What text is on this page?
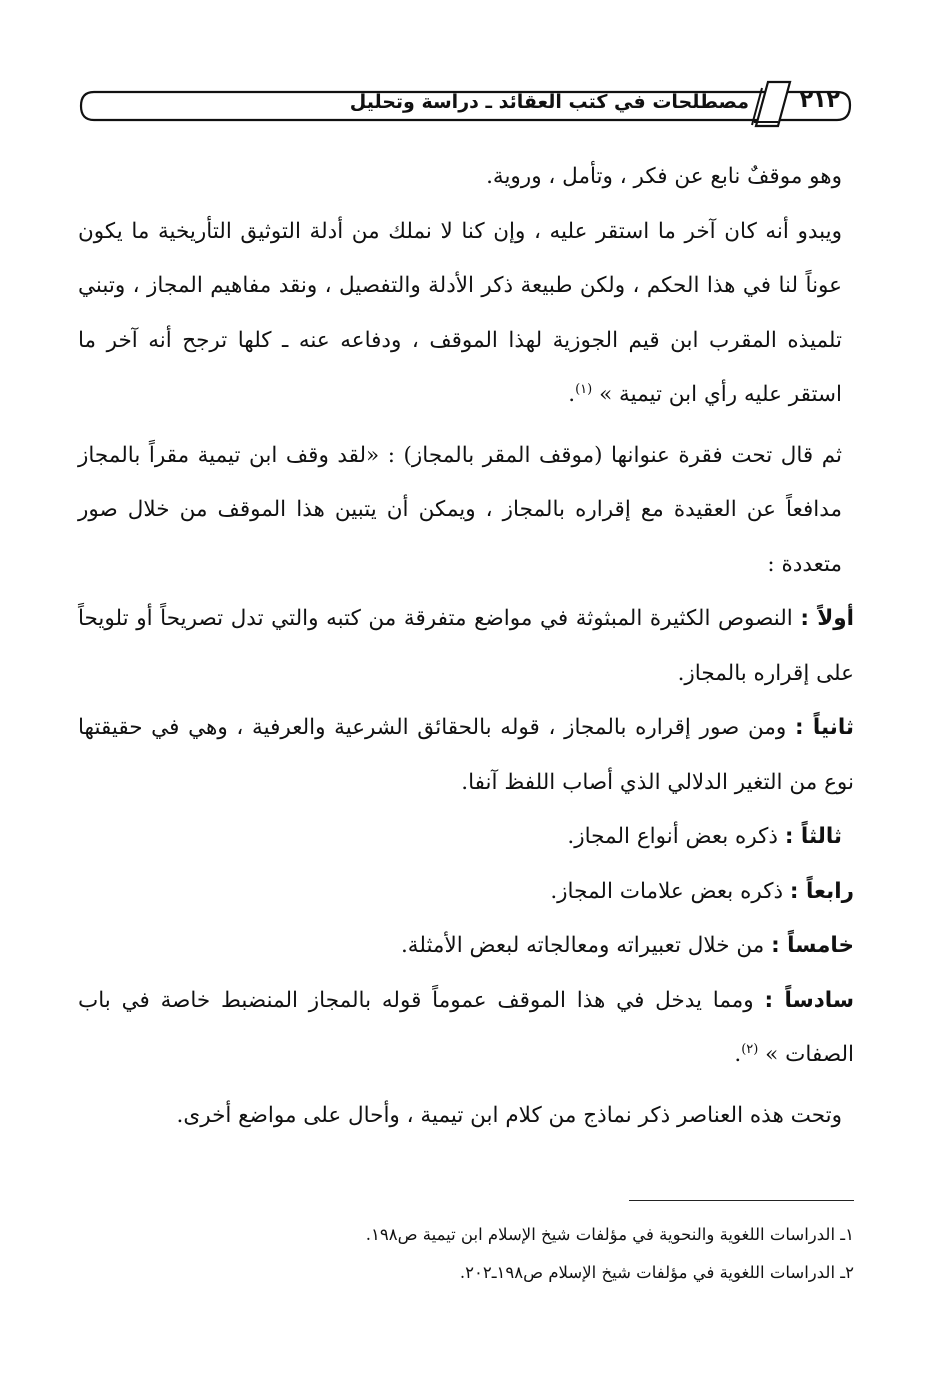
مصطلحات في كتب العقائد ـ دراسة وتحليل ٢١٢

وهو موقفٌ نابع عن فكر ، وتأمل ، وروية.

ويبدو أنه كان آخر ما استقر عليه ، وإن كنا لا نملك من أدلة التوثيق التأريخية ما يكون عوناً لنا في هذا الحكم ، ولكن طبيعة ذكر الأدلة والتفصيل ، ونقد مفاهيم المجاز ، وتبني تلميذه المقرب ابن قيم الجوزية لهذا الموقف ، ودفاعه عنه ـ كلها ترجح أنه آخر ما استقر عليه رأي ابن تيمية » $^{(١)}$.

ثم قال تحت فقرة عنوانها (موقف المقر بالمجاز) : «لقد وقف ابن تيمية مقراً بالمجاز مدافعاً عن العقيدة مع إقراره بالمجاز ، ويمكن أن يتبين هذا الموقف من خلال صور متعددة :

أولاً : النصوص الكثيرة المبثوثة في مواضع متفرقة من كتبه والتي تدل تصريحاً أو تلويحاً على إقراره بالمجاز.

ثانياً : ومن صور إقراره بالمجاز ، قوله بالحقائق الشرعية والعرفية ، وهي في حقيقتها نوع من التغير الدلالي الذي أصاب اللفظ آنفا.

ثالثاً : ذكره بعض أنواع المجاز.

رابعاً : ذكره بعض علامات المجاز.

خامساً : من خلال تعبيراته ومعالجاته لبعض الأمثلة.

سادساً : ومما يدخل في هذا الموقف عموماً قوله بالمجاز المنضبط خاصة في باب الصفات » $^{(٢)}$.

وتحت هذه العناصر ذكر نماذج من كلام ابن تيمية ، وأحال على مواضع أخرى.

١ـ الدراسات اللغوية والنحوية في مؤلفات شيخ الإسلام ابن تيمية ص١٩٨.

٢ـ الدراسات اللغوية في مؤلفات شيخ الإسلام ص١٩٨ـ٢٠٢.
